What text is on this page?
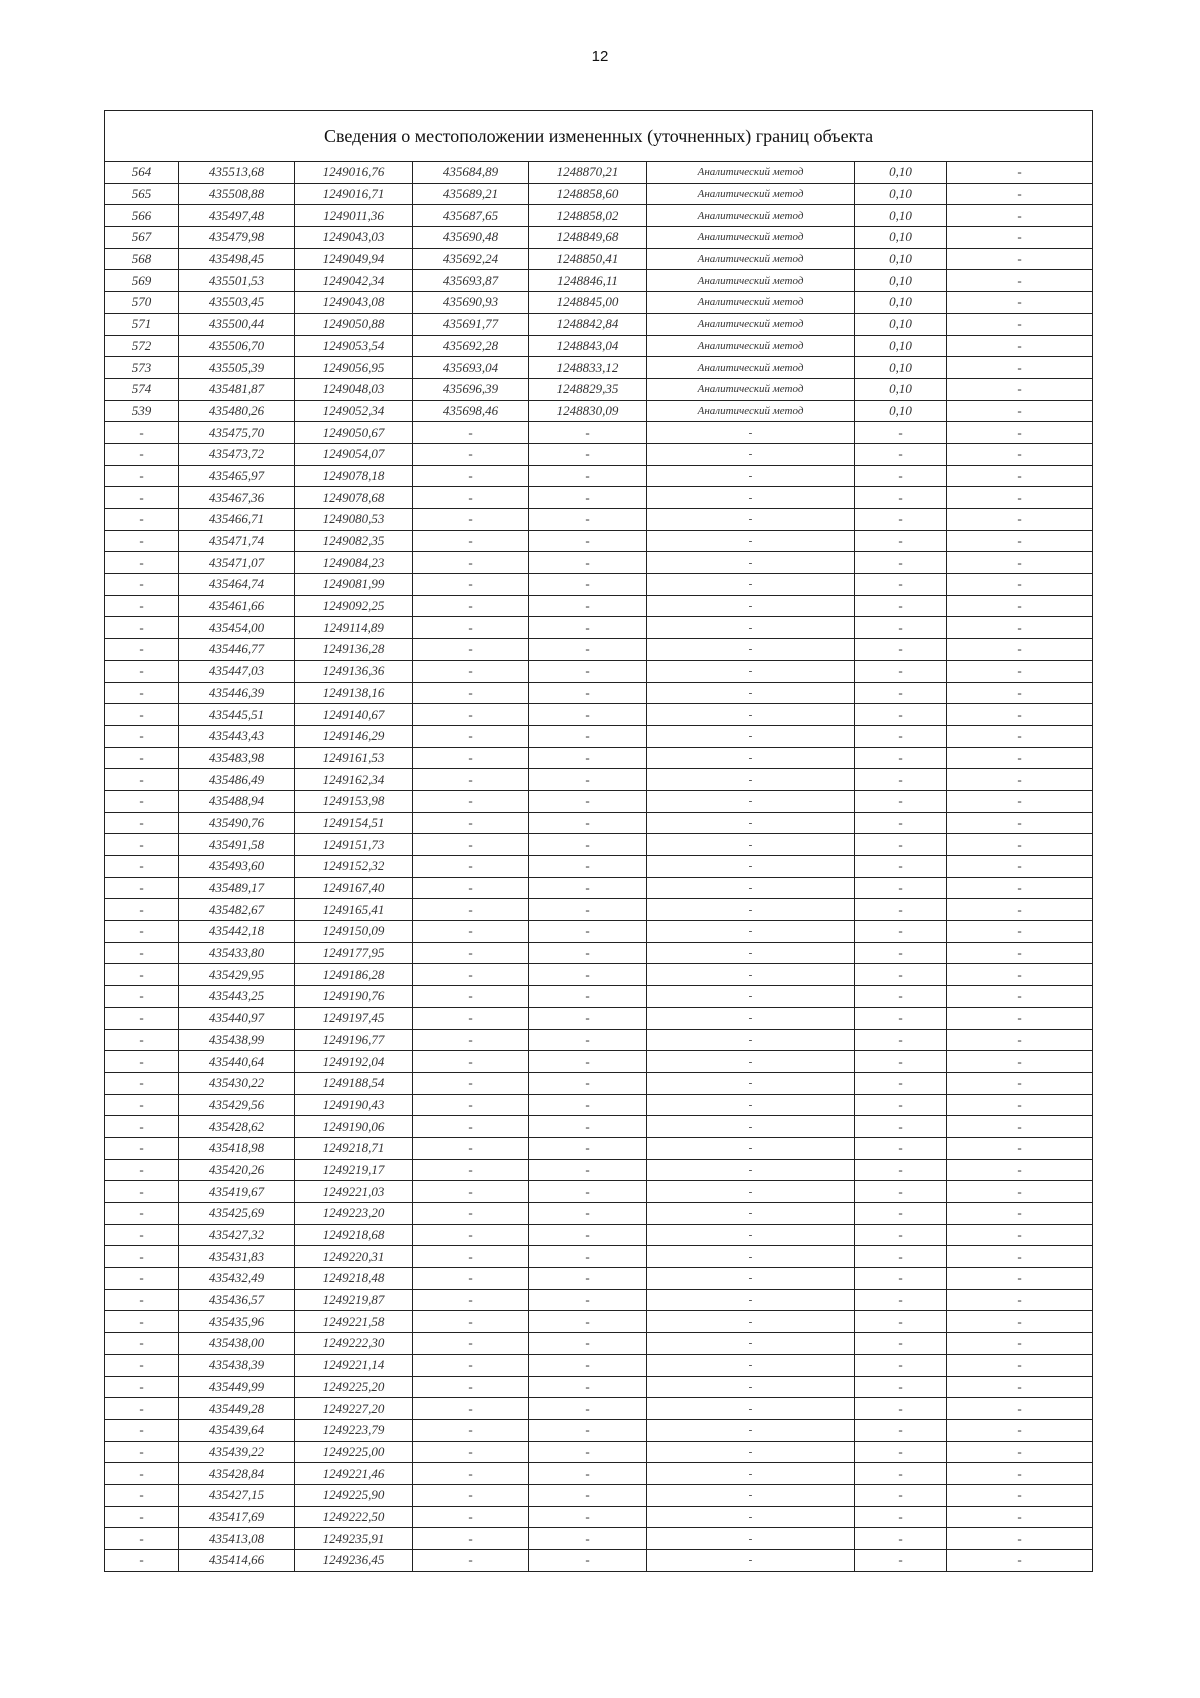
12
Сведения о местоположении измененных (уточненных) границ объекта							
564	435513,68	1249016,76	435684,89	1248870,21	Аналитический метод	0,10	-
565	435508,88	1249016,71	435689,21	1248858,60	Аналитический метод	0,10	-
566	435497,48	1249011,36	435687,65	1248858,02	Аналитический метод	0,10	-
567	435479,98	1249043,03	435690,48	1248849,68	Аналитический метод	0,10	-
568	435498,45	1249049,94	435692,24	1248850,41	Аналитический метод	0,10	-
569	435501,53	1249042,34	435693,87	1248846,11	Аналитический метод	0,10	-
570	435503,45	1249043,08	435690,93	1248845,00	Аналитический метод	0,10	-
571	435500,44	1249050,88	435691,77	1248842,84	Аналитический метод	0,10	-
572	435506,70	1249053,54	435692,28	1248843,04	Аналитический метод	0,10	-
573	435505,39	1249056,95	435693,04	1248833,12	Аналитический метод	0,10	-
574	435481,87	1249048,03	435696,39	1248829,35	Аналитический метод	0,10	-
539	435480,26	1249052,34	435698,46	1248830,09	Аналитический метод	0,10	-
-	435475,70	1249050,67	-	-	-	-	-
-	435473,72	1249054,07	-	-	-	-	-
-	435465,97	1249078,18	-	-	-	-	-
-	435467,36	1249078,68	-	-	-	-	-
-	435466,71	1249080,53	-	-	-	-	-
-	435471,74	1249082,35	-	-	-	-	-
-	435471,07	1249084,23	-	-	-	-	-
-	435464,74	1249081,99	-	-	-	-	-
-	435461,66	1249092,25	-	-	-	-	-
-	435454,00	1249114,89	-	-	-	-	-
-	435446,77	1249136,28	-	-	-	-	-
-	435447,03	1249136,36	-	-	-	-	-
-	435446,39	1249138,16	-	-	-	-	-
-	435445,51	1249140,67	-	-	-	-	-
-	435443,43	1249146,29	-	-	-	-	-
-	435483,98	1249161,53	-	-	-	-	-
-	435486,49	1249162,34	-	-	-	-	-
-	435488,94	1249153,98	-	-	-	-	-
-	435490,76	1249154,51	-	-	-	-	-
-	435491,58	1249151,73	-	-	-	-	-
-	435493,60	1249152,32	-	-	-	-	-
-	435489,17	1249167,40	-	-	-	-	-
-	435482,67	1249165,41	-	-	-	-	-
-	435442,18	1249150,09	-	-	-	-	-
-	435433,80	1249177,95	-	-	-	-	-
-	435429,95	1249186,28	-	-	-	-	-
-	435443,25	1249190,76	-	-	-	-	-
-	435440,97	1249197,45	-	-	-	-	-
-	435438,99	1249196,77	-	-	-	-	-
-	435440,64	1249192,04	-	-	-	-	-
-	435430,22	1249188,54	-	-	-	-	-
-	435429,56	1249190,43	-	-	-	-	-
-	435428,62	1249190,06	-	-	-	-	-
-	435418,98	1249218,71	-	-	-	-	-
-	435420,26	1249219,17	-	-	-	-	-
-	435419,67	1249221,03	-	-	-	-	-
-	435425,69	1249223,20	-	-	-	-	-
-	435427,32	1249218,68	-	-	-	-	-
-	435431,83	1249220,31	-	-	-	-	-
-	435432,49	1249218,48	-	-	-	-	-
-	435436,57	1249219,87	-	-	-	-	-
-	435435,96	1249221,58	-	-	-	-	-
-	435438,00	1249222,30	-	-	-	-	-
-	435438,39	1249221,14	-	-	-	-	-
-	435449,99	1249225,20	-	-	-	-	-
-	435449,28	1249227,20	-	-	-	-	-
-	435439,64	1249223,79	-	-	-	-	-
-	435439,22	1249225,00	-	-	-	-	-
-	435428,84	1249221,46	-	-	-	-	-
-	435427,15	1249225,90	-	-	-	-	-
-	435417,69	1249222,50	-	-	-	-	-
-	435413,08	1249235,91	-	-	-	-	-
-	435414,66	1249236,45	-	-	-	-	-
